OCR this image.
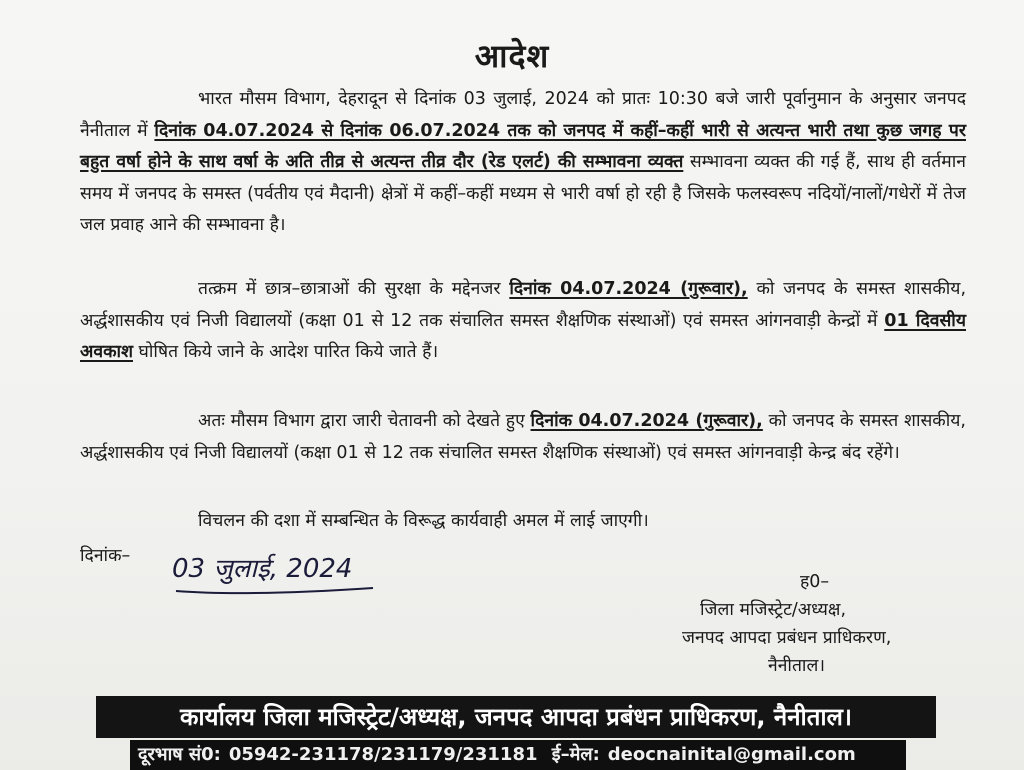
आदेश
भारत मौसम विभाग, देहरादून से दिनांक 03 जुलाई, 2024 को प्रातः 10:30 बजे जारी पूर्वानुमान के अनुसार जनपद नैनीताल में दिनांक 04.07.2024 से दिनांक 06.07.2024 तक को जनपद में कहीं–कहीं भारी से अत्यन्त भारी तथा कुछ जगह पर बहुत वर्षा होने के साथ वर्षा के अति तीव्र से अत्यन्त तीव्र दौर (रेड एलर्ट) की सम्भावना व्यक्त सम्भावना व्यक्त की गई हैं, साथ ही वर्तमान समय में जनपद के समस्त (पर्वतीय एवं मैदानी) क्षेत्रों में कहीं–कहीं मध्यम से भारी वर्षा हो रही है जिसके फलस्वरूप नदियों/नालों/गधेरों में तेज जल प्रवाह आने की सम्भावना है।
तत्क्रम में छात्र–छात्राओं की सुरक्षा के मद्देनजर दिनांक 04.07.2024 (गुरूवार), को जनपद के समस्त शासकीय, अर्द्धशासकीय एवं निजी विद्यालयों (कक्षा 01 से 12 तक संचालित समस्त शैक्षणिक संस्थाओं) एवं समस्त आंगनवाड़ी केन्द्रों में 01 दिवसीय अवकाश घोषित किये जाने के आदेश पारित किये जाते हैं।
अतः मौसम विभाग द्वारा जारी चेतावनी को देखते हुए दिनांक 04.07.2024 (गुरूवार), को जनपद के समस्त शासकीय, अर्द्धशासकीय एवं निजी विद्यालयों (कक्षा 01 से 12 तक संचालित समस्त शैक्षणिक संस्थाओं) एवं समस्त आंगनवाड़ी केन्द्र बंद रहेंगे।
विचलन की दशा में सम्बन्धित के विरूद्ध कार्यवाही अमल में लाई जाएगी।
दिनांक– 03 जुलाई, 2024	ह0–
जिला मजिस्ट्रेट/अध्यक्ष,
जनपद आपदा प्रबंधन प्राधिकरण,
नैनीताल।
कार्यालय जिला मजिस्ट्रेट/अध्यक्ष, जनपद आपदा प्रबंधन प्राधिकरण, नैनीताल।
दूरभाष सं0: 05942-231178/231179/231181 ई–मेल: deocnainital@gmail.com
